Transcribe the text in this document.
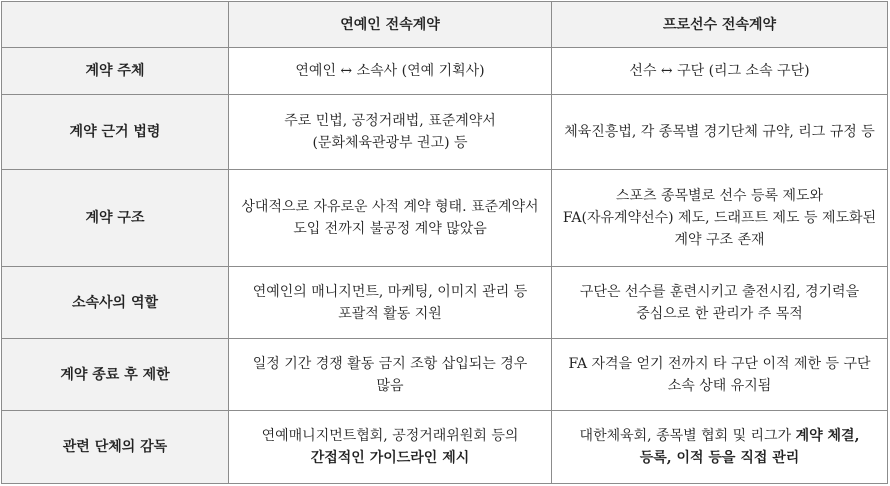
	연예인 전속계약	프로선수 전속계약
계약 주체	연예인 ↔ 소속사 (연예 기획사)	선수 ↔ 구단 (리그 소속 구단)
계약 근거 법령	주로 민법, 공정거래법, 표준계약서 (문화체육관광부 권고) 등	체육진흥법, 각 종목별 경기단체 규약, 리그 규정 등
계약 구조	상대적으로 자유로운 사적 계약 형태. 표준계약서 도입 전까지 불공정 계약 많았음	스포츠 종목별로 선수 등록 제도와 FA(자유계약선수) 제도, 드래프트 제도 등 제도화된 계약 구조 존재
소속사의 역할	연예인의 매니지먼트, 마케팅, 이미지 관리 등 포괄적 활동 지원	구단은 선수를 훈련시키고 출전시킴, 경기력을 중심으로 한 관리가 주 목적
계약 종료 후 제한	일정 기간 경쟁 활동 금지 조항 삽입되는 경우 많음	FA 자격을 얻기 전까지 타 구단 이적 제한 등 구단 소속 상태 유지됨
관련 단체의 감독	연예매니지먼트협회, 공정거래위원회 등의 간접적인 가이드라인 제시	대한체육회, 종목별 협회 및 리그가 계약 체결, 등록, 이적 등을 직접 관리
